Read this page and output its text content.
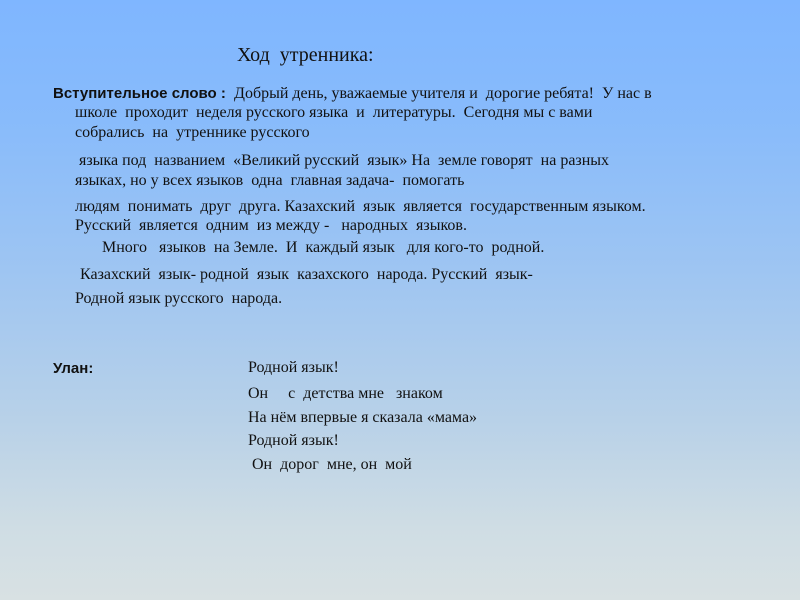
Ход  утренника:
Вступительное слово :  Добрый день, уважаемые учителя и  дорогие ребята!  У нас в
школе  проходит  неделя русского языка  и  литературы.  Сегодня мы с вами
собрались  на  утреннике русского
языка под  названием  «Великий русский  язык» На  земле говорят  на разных
языках, но у всех языков  одна  главная задача-  помогать
людям  понимать  друг  друга. Казахский  язык  является  государственным языком.
Русский  является  одним  из между -   народных  языков.
Много   языков  на Земле.  И  каждый язык   для кого-то  родной.
Казахский  язык- родной  язык  казахского  народа. Русский  язык-
Родной язык русского  народа.
Улан:	Родной язык!
Он     с  детства мне   знаком
На нём впервые я сказала «мама»
Родной язык!
Он  дорог  мне, он  мой
